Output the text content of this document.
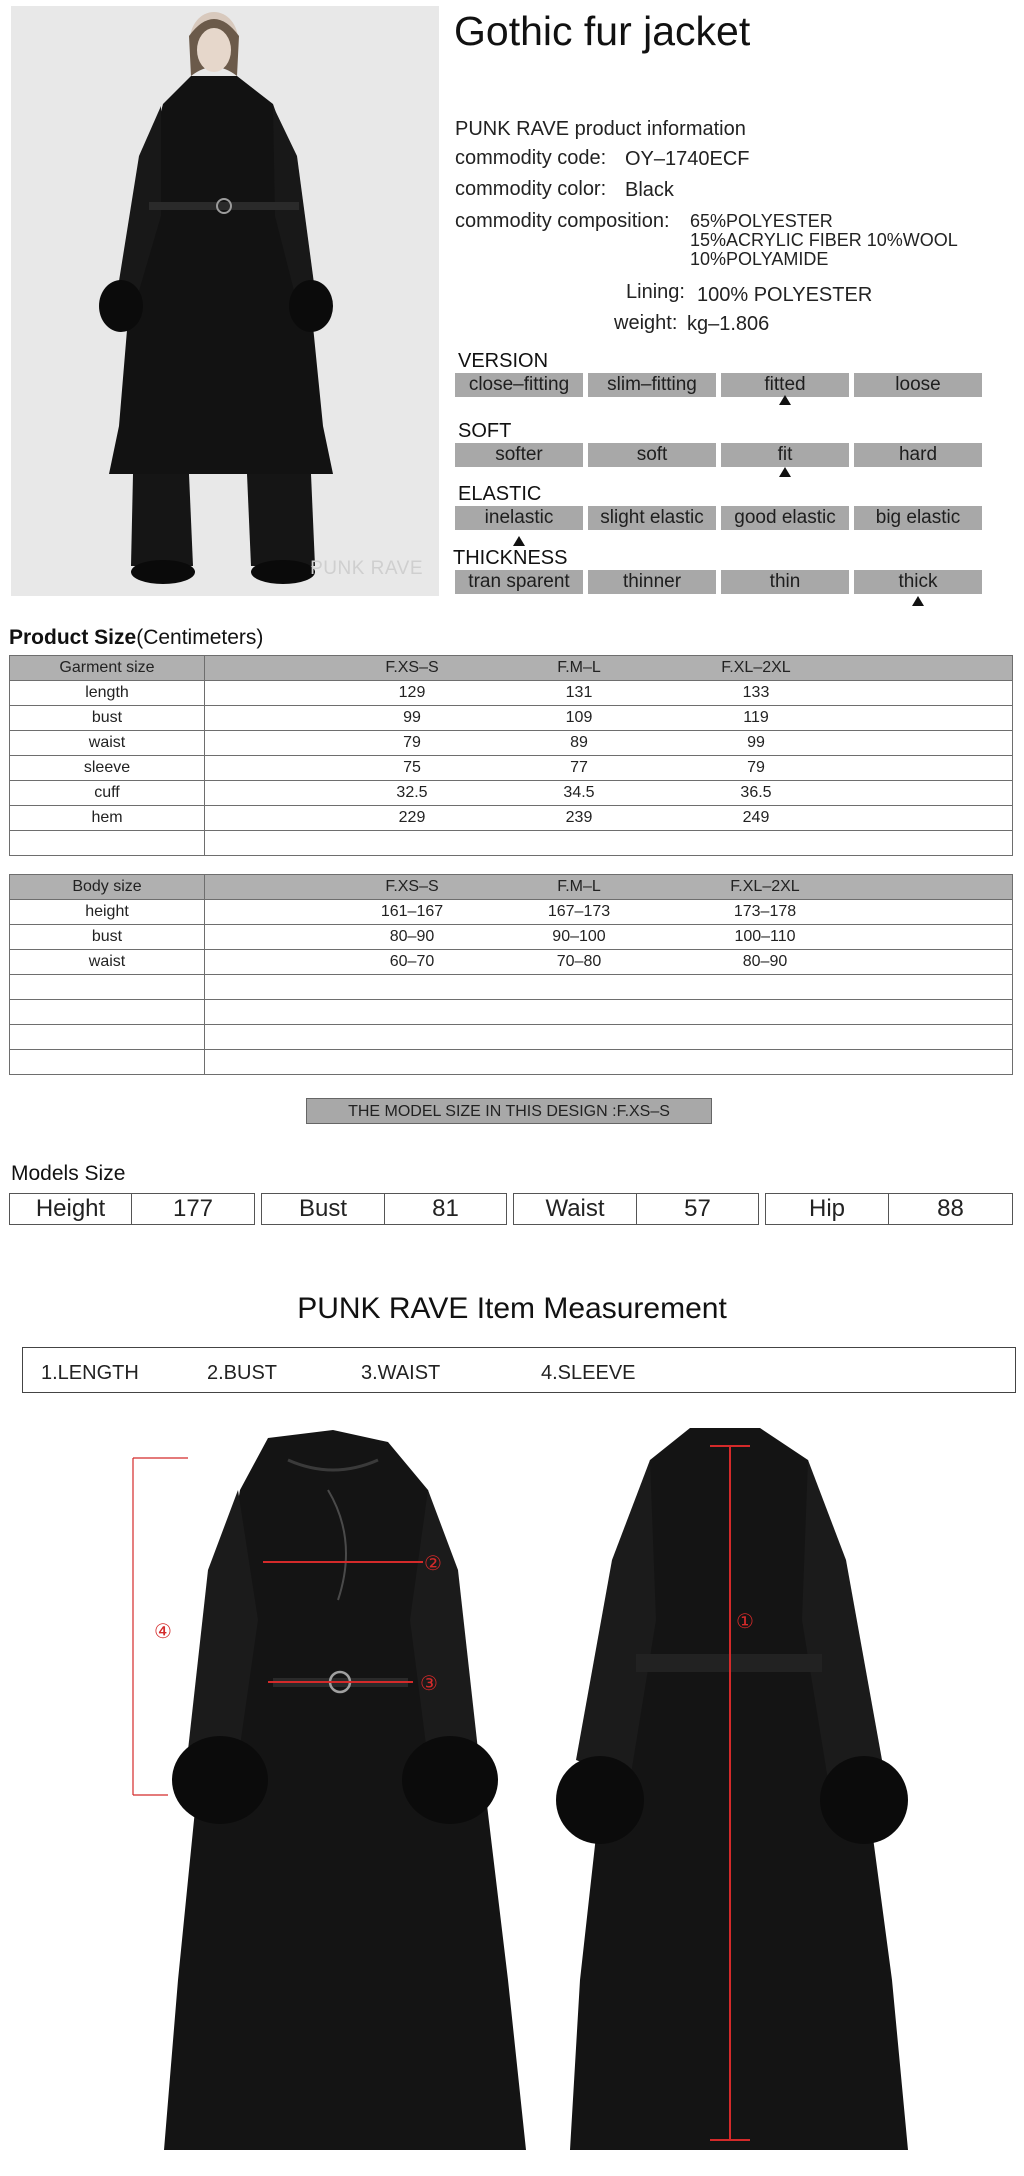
PUNK RAVE
Gothic fur jacket
PUNK RAVE product information
commodity code: OY–1740ECF
commodity color: Black
commodity composition: 65%POLYESTER
15%ACRYLIC FIBER 10%WOOL
10%POLYAMIDE
Lining: 100% POLYESTER
weight: kg–1.806
VERSION
close–fitting	slim–fitting	fitted	loose
SOFT
softer	soft	fit	hard
ELASTIC
inelastic	slight elastic	good elastic	big elastic
THICKNESS
tran sparent	thinner	thin	thick
Product Size(Centimeters)
Garment size	F.XS–S F.M–L F.XL–2XL

length	129 131 133

bust	99 109 119

waist	79 89 99

sleeve	75 77 79

cuff	32.5 34.5 36.5

hem	229 239 249

Body size	F.XS–S F.M–L F.XL–2XL

height	161–167 167–173 173–178

bust	80–90 90–100 100–110

waist	60–70 70–80 80–90

THE MODEL SIZE IN THIS DESIGN :F.XS–S
Models Size
Height	177	Bust	81	Waist	57	Hip	88
PUNK RAVE Item Measurement
1.LENGTH	2.BUST	3.WAIST	4.SLEEVE
④
②
③
①
